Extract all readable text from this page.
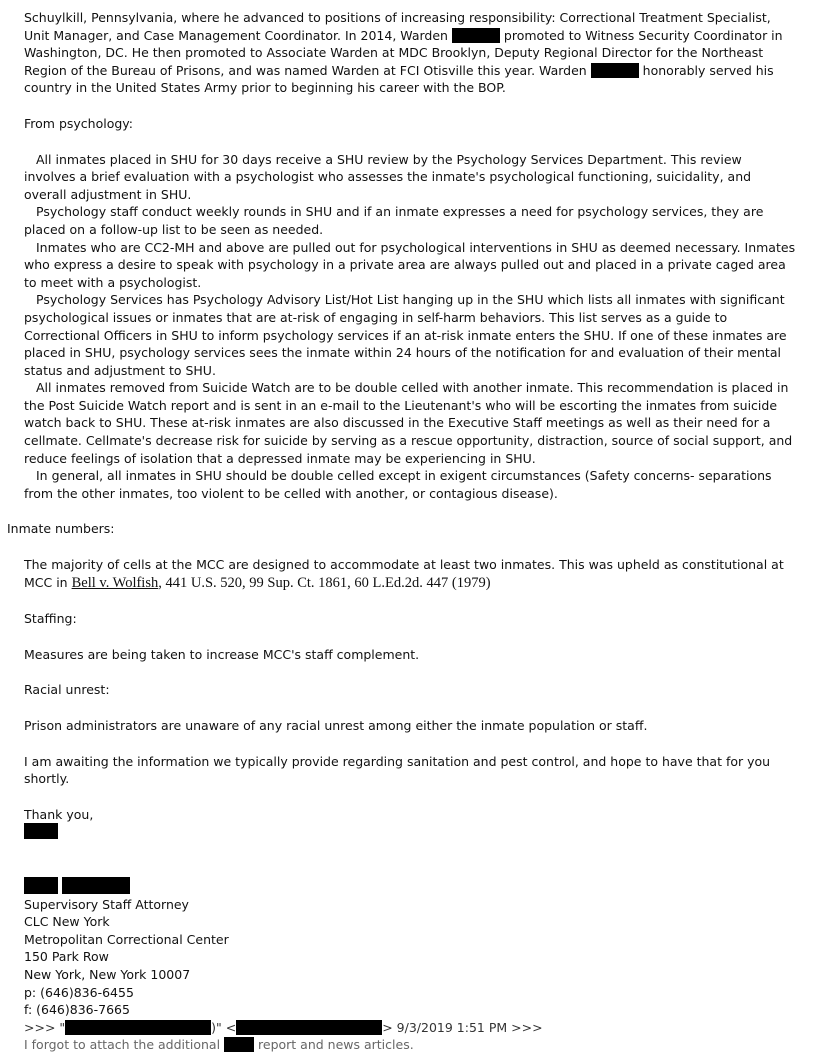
Schuylkill, Pennsylvania, where he advanced to positions of increasing responsibility: Correctional Treatment Specialist, Unit Manager, and Case Management Coordinator. In 2014, Warden	promoted to Witness Security Coordinator in Washington, DC. He then promoted to Associate Warden at MDC Brooklyn, Deputy Regional Director for the Northeast Region of the Bureau of Prisons, and was named Warden at FCI Otisville this year. Warden	honorably served his country in the United States Army prior to beginning his career with the BOP.

From psychology:

All inmates placed in SHU for 30 days receive a SHU review by the Psychology Services Department. This review involves a brief evaluation with a psychologist who assesses the inmate's psychological functioning, suicidality, and overall adjustment in SHU.

Psychology staff conduct weekly rounds in SHU and if an inmate expresses a need for psychology services, they are placed on a follow-up list to be seen as needed.

Inmates who are CC2-MH and above are pulled out for psychological interventions in SHU as deemed necessary. Inmates who express a desire to speak with psychology in a private area are always pulled out and placed in a private caged area to meet with a psychologist.

Psychology Services has Psychology Advisory List/Hot List hanging up in the SHU which lists all inmates with significant psychological issues or inmates that are at-risk of engaging in self-harm behaviors. This list serves as a guide to Correctional Officers in SHU to inform psychology services if an at-risk inmate enters the SHU. If one of these inmates are placed in SHU, psychology services sees the inmate within 24 hours of the notification for and evaluation of their mental status and adjustment to SHU.

All inmates removed from Suicide Watch are to be double celled with another inmate. This recommendation is placed in the Post Suicide Watch report and is sent in an e-mail to the Lieutenant's who will be escorting the inmates from suicide watch back to SHU. These at-risk inmates are also discussed in the Executive Staff meetings as well as their need for a cellmate. Cellmate's decrease risk for suicide by serving as a rescue opportunity, distraction, source of social support, and reduce feelings of isolation that a depressed inmate may be experiencing in SHU.

In general, all inmates in SHU should be double celled except in exigent circumstances (Safety concerns- separations from the other inmates, too violent to be celled with another, or contagious disease).

Inmate numbers:

The majority of cells at the MCC are designed to accommodate at least two inmates. This was upheld as constitutional at MCC in Bell v. Wolfish, 441 U.S. 520, 99 Sup. Ct. 1861, 60 L.Ed.2d. 447 (1979)

Staffing:

Measures are being taken to increase MCC's staff complement.

Racial unrest:

Prison administrators are unaware of any racial unrest among either the inmate population or staff.

I am awaiting the information we typically provide regarding sanitation and pest control, and hope to have that for you shortly.

Thank you,

Supervisory Staff Attorney
CLC New York
Metropolitan Correctional Center
150 Park Row
New York, New York 10007
p: (646)836-6455
f: (646)836-7665
>>> "	)" <	> 9/3/2019 1:51 PM >>>
I forgot to attach the additional  report and news articles.
